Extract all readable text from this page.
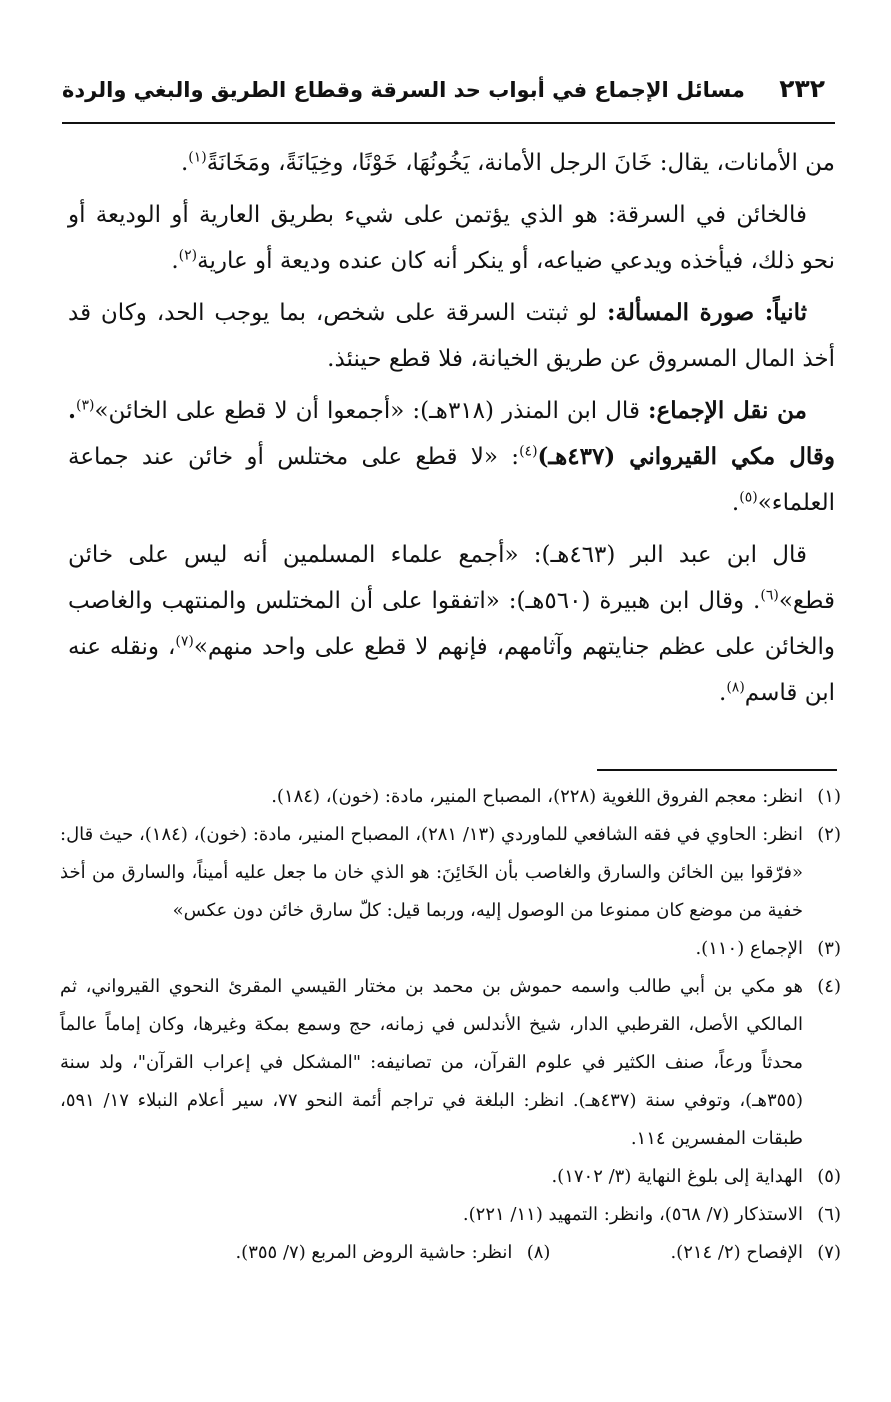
٢٣٢
مسائل الإجماع في أبواب حد السرقة وقطاع الطريق والبغي والردة

من الأمانات، يقال: خَانَ الرجل الأمانة، يَخُونُهَا، خَوْنًا، وخِيَانَةً، ومَخَانَةً$^{(١)}$.

فالخائن في السرقة: هو الذي يؤتمن على شيء بطريق العارية أو الوديعة أو نحو ذلك، فيأخذه ويدعي ضياعه، أو ينكر أنه كان عنده وديعة أو عارية$^{(٢)}$.

ثانياً: صورة المسألة: لو ثبتت السرقة على شخص، بما يوجب الحد، وكان قد أخذ المال المسروق عن طريق الخيانة، فلا قطع حينئذ.

من نقل الإجماع: قال ابن المنذر (٣١٨هـ): «أجمعوا أن لا قطع على الخائن»$^{(٣)}$. وقال مكي القيرواني (٤٣٧هـ)$^{(٤)}$: «لا قطع على مختلس أو خائن عند جماعة العلماء»$^{(٥)}$.

قال ابن عبد البر (٤٦٣هـ): «أجمع علماء المسلمين أنه ليس على خائن قطع»$^{(٦)}$. وقال ابن هبيرة (٥٦٠هـ): «اتفقوا على أن المختلس والمنتهب والغاصب والخائن على عظم جنايتهم وآثامهم، فإنهم لا قطع على واحد منهم»$^{(٧)}$، ونقله عنه ابن قاسم$^{(٨)}$.

(١)
انظر: معجم الفروق اللغوية (٢٢٨)، المصباح المنير، مادة: (خون)، (١٨٤).
(٢)
انظر: الحاوي في فقه الشافعي للماوردي (١٣/ ٢٨١)، المصباح المنير، مادة: (خون)، (١٨٤)، حيث قال: «فرّقوا بين الخائن والسارق والغاصب بأن الخَائِنَ: هو الذي خان ما جعل عليه أميناً، والسارق من أخذ خفية من موضع كان ممنوعا من الوصول إليه، وربما قيل: كلّ سارق خائن دون عكس»
(٣)
الإجماع (١١٠).
(٤)
هو مكي بن أبي طالب واسمه حموش بن محمد بن مختار القيسي المقرئ النحوي القيرواني، ثم المالكي الأصل، القرطبي الدار، شيخ الأندلس في زمانه، حج وسمع بمكة وغيرها، وكان إماماً عالماً محدثاً ورعاً، صنف الكثير في علوم القرآن، من تصانيفه: "المشكل في إعراب القرآن"، ولد سنة (٣٥٥هـ)، وتوفي سنة (٤٣٧هـ). انظر: البلغة في تراجم أئمة النحو ٧٧، سير أعلام النبلاء ١٧/ ٥٩١، طبقات المفسرين ١١٤.
(٥)
الهداية إلى بلوغ النهاية (٣/ ١٧٠٢).
(٦)
الاستذكار (٧/ ٥٦٨)، وانظر: التمهيد (١١/ ٢٢١).
(٧)
الإفصاح (٢/ ٢١٤).
(٨)
انظر: حاشية الروض المربع (٧/ ٣٥٥).
